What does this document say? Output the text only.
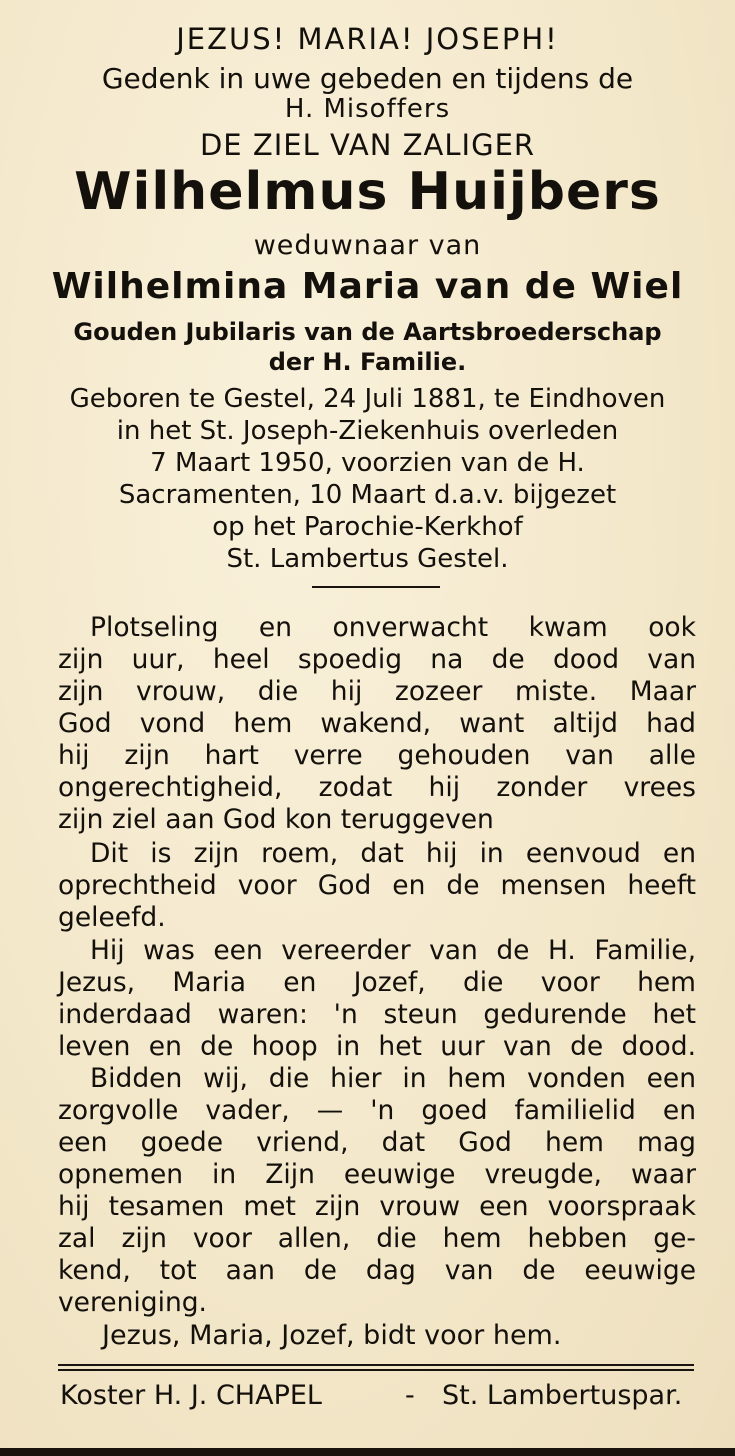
JEZUS! MARIA! JOSEPH!
Gedenk in uwe gebeden en tijdens de
H. Misoffers
DE ZIEL VAN ZALIGER
Wilhelmus Huijbers
weduwnaar van
Wilhelmina Maria van de Wiel
Gouden Jubilaris van de Aartsbroederschap
der H. Familie.
Geboren te Gestel, 24 Juli 1881, te Eindhoven
in het St. Joseph-Ziekenhuis overleden
7 Maart 1950, voorzien van de H.
Sacramenten, 10 Maart d.a.v. bijgezet
op het Parochie-Kerkhof
St. Lambertus Gestel.
Plotseling en onverwacht kwam ook
zijn uur, heel spoedig na de dood van
zijn vrouw, die hij zozeer miste. Maar
God vond hem wakend, want altijd had
hij zijn hart verre gehouden van alle
ongerechtigheid, zodat hij zonder vrees
zijn ziel aan God kon teruggeven
Dit is zijn roem, dat hij in eenvoud en
oprechtheid voor God en de mensen heeft
geleefd.
Hij was een vereerder van de H. Familie,
Jezus, Maria en Jozef, die voor hem
inderdaad waren: 'n steun gedurende het
leven en de hoop in het uur van de dood.
Bidden wij, die hier in hem vonden een
zorgvolle vader, — 'n goed familielid en
een goede vriend, dat God hem mag
opnemen in Zijn eeuwige vreugde, waar
hij tesamen met zijn vrouw een voorspraak
zal zijn voor allen, die hem hebben ge-
kend, tot aan de dag van de eeuwige
vereniging.
Jezus, Maria, Jozef, bidt voor hem.
Koster H. J. CHAPEL	- St. Lambertuspar.
